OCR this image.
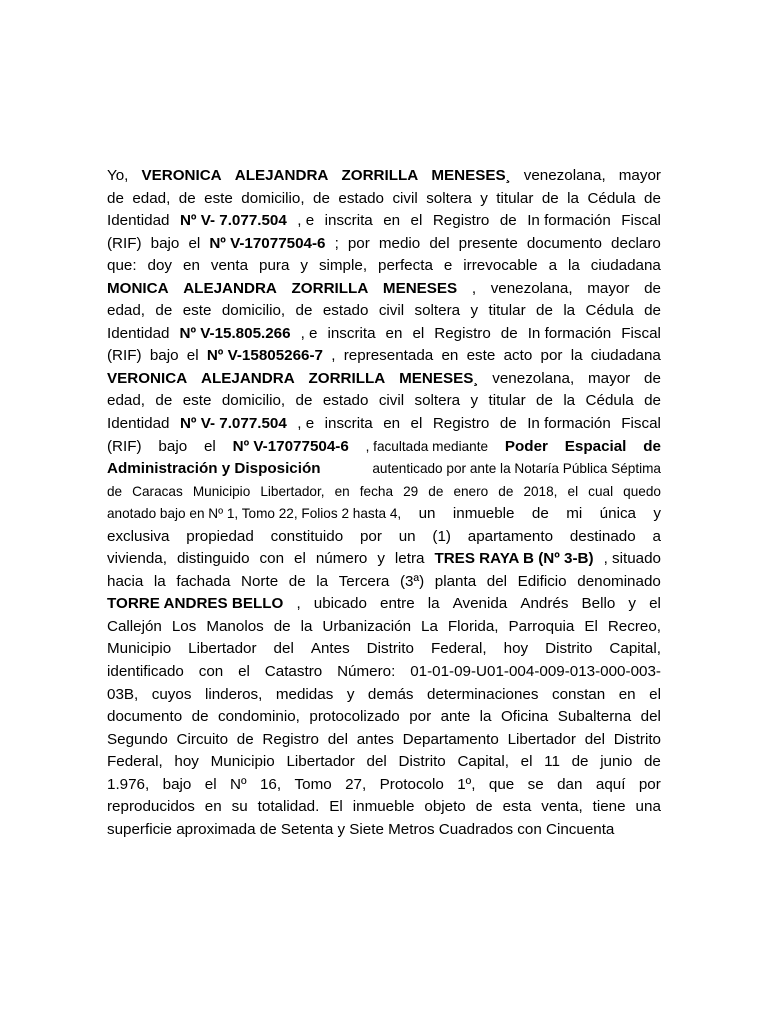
Yo, VERONICA ALEJANDRA ZORRILLA MENESES¸ venezolana, mayor
de edad, de este domicilio, de estado civil soltera y titular de la Cédula de
Identidad Nº V- 7.077.504 , e inscrita en el Registro de In formación Fiscal
(RIF) bajo el Nº V-17077504-6 ; por medio del presente documento declaro
que: doy en venta pura y simple, perfecta e irrevocable a la ciudadana
MONICA ALEJANDRA ZORRILLA MENESES , venezolana, mayor de
edad, de este domicilio, de estado civil soltera y titular de la Cédula de
Identidad Nº V-15.805.266 , e inscrita en el Registro de In formación Fiscal
(RIF) bajo el Nº V-15805266-7 , representada en este acto por la ciudadana
VERONICA ALEJANDRA ZORRILLA MENESES¸ venezolana, mayor de
edad, de este domicilio, de estado civil soltera y titular de la Cédula de
Identidad Nº V- 7.077.504 , e inscrita en el Registro de In formación Fiscal
(RIF) bajo el Nº V-17077504-6 , facultada mediante Poder Espacial de
Administración y Disposición	autenticado por ante la Notaría Pública Séptima
de Caracas Municipio Libertador, en fecha 29 de enero de 2018, el cual quedo
anotado bajo en Nº 1, Tomo 22, Folios 2 hasta 4, un inmueble de mi única y
exclusiva propiedad constituido por un (1) apartamento destinado a
vivienda, distinguido con el número y letra TRES RAYA B (Nº 3-B) , situado
hacia la fachada Norte de la Tercera (3ª) planta del Edificio denominado
TORRE ANDRES BELLO , ubicado entre la Avenida Andrés Bello y el
Callejón Los Manolos de la Urbanización La Florida, Parroquia El Recreo,
Municipio Libertador del Antes Distrito Federal, hoy Distrito Capital,
identificado con el Catastro Número: 01-01-09-U01-004-009-013-000-003-
03B, cuyos linderos, medidas y demás determinaciones constan en el
documento de condominio, protocolizado por ante la Oficina Subalterna del
Segundo Circuito de Registro del antes Departamento Libertador del Distrito
Federal, hoy Municipio Libertador del Distrito Capital, el 11 de junio de
1.976, bajo el Nº 16, Tomo 27, Protocolo 1º, que se dan aquí por
reproducidos en su totalidad. El inmueble objeto de esta venta, tiene una
superficie aproximada de Setenta y Siete Metros Cuadrados con Cincuenta
